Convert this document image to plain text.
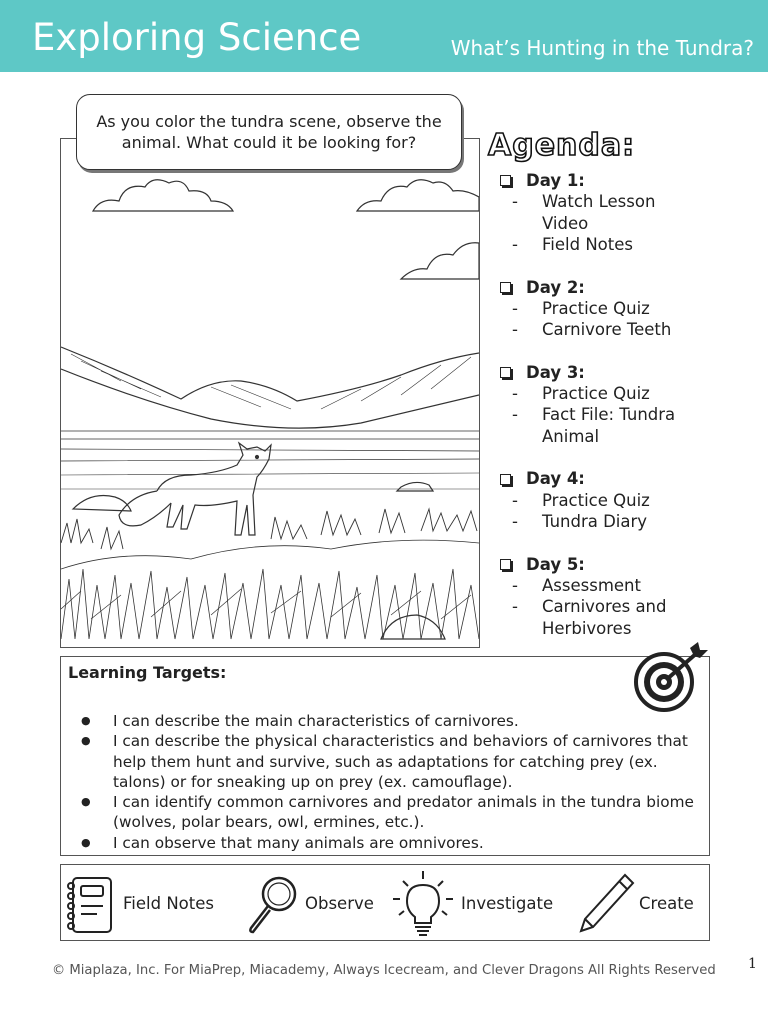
Exploring Science	What’s Hunting in the Tundra?
As you color the tundra scene, observe the animal. What could it be looking for?	Agenda:
Day 1:
-	Watch Lesson Video
-	Field Notes
Day 2:
-	Practice Quiz
-	Carnivore Teeth
Day 3:
-	Practice Quiz
-	Fact File: Tundra Animal
Day 4:
-	Practice Quiz
-	Tundra Diary
Day 5:
-	Assessment
-	Carnivores and Herbivores
Learning Targets:
● I can describe the main characteristics of carnivores.
● I can describe the physical characteristics and behaviors of carnivores that help them hunt and survive, such as adaptations for catching prey (ex. talons) or for sneaking up on prey (ex. camouflage).
● I can identify common carnivores and predator animals in the tundra biome (wolves, polar bears, owl, ermines, etc.).
● I can observe that many animals are omnivores.
Field Notes	Observe	Investigate	Create
© Miaplaza, Inc. For MiaPrep, Miacademy, Always Icecream, and Clever Dragons All Rights Reserved 1
